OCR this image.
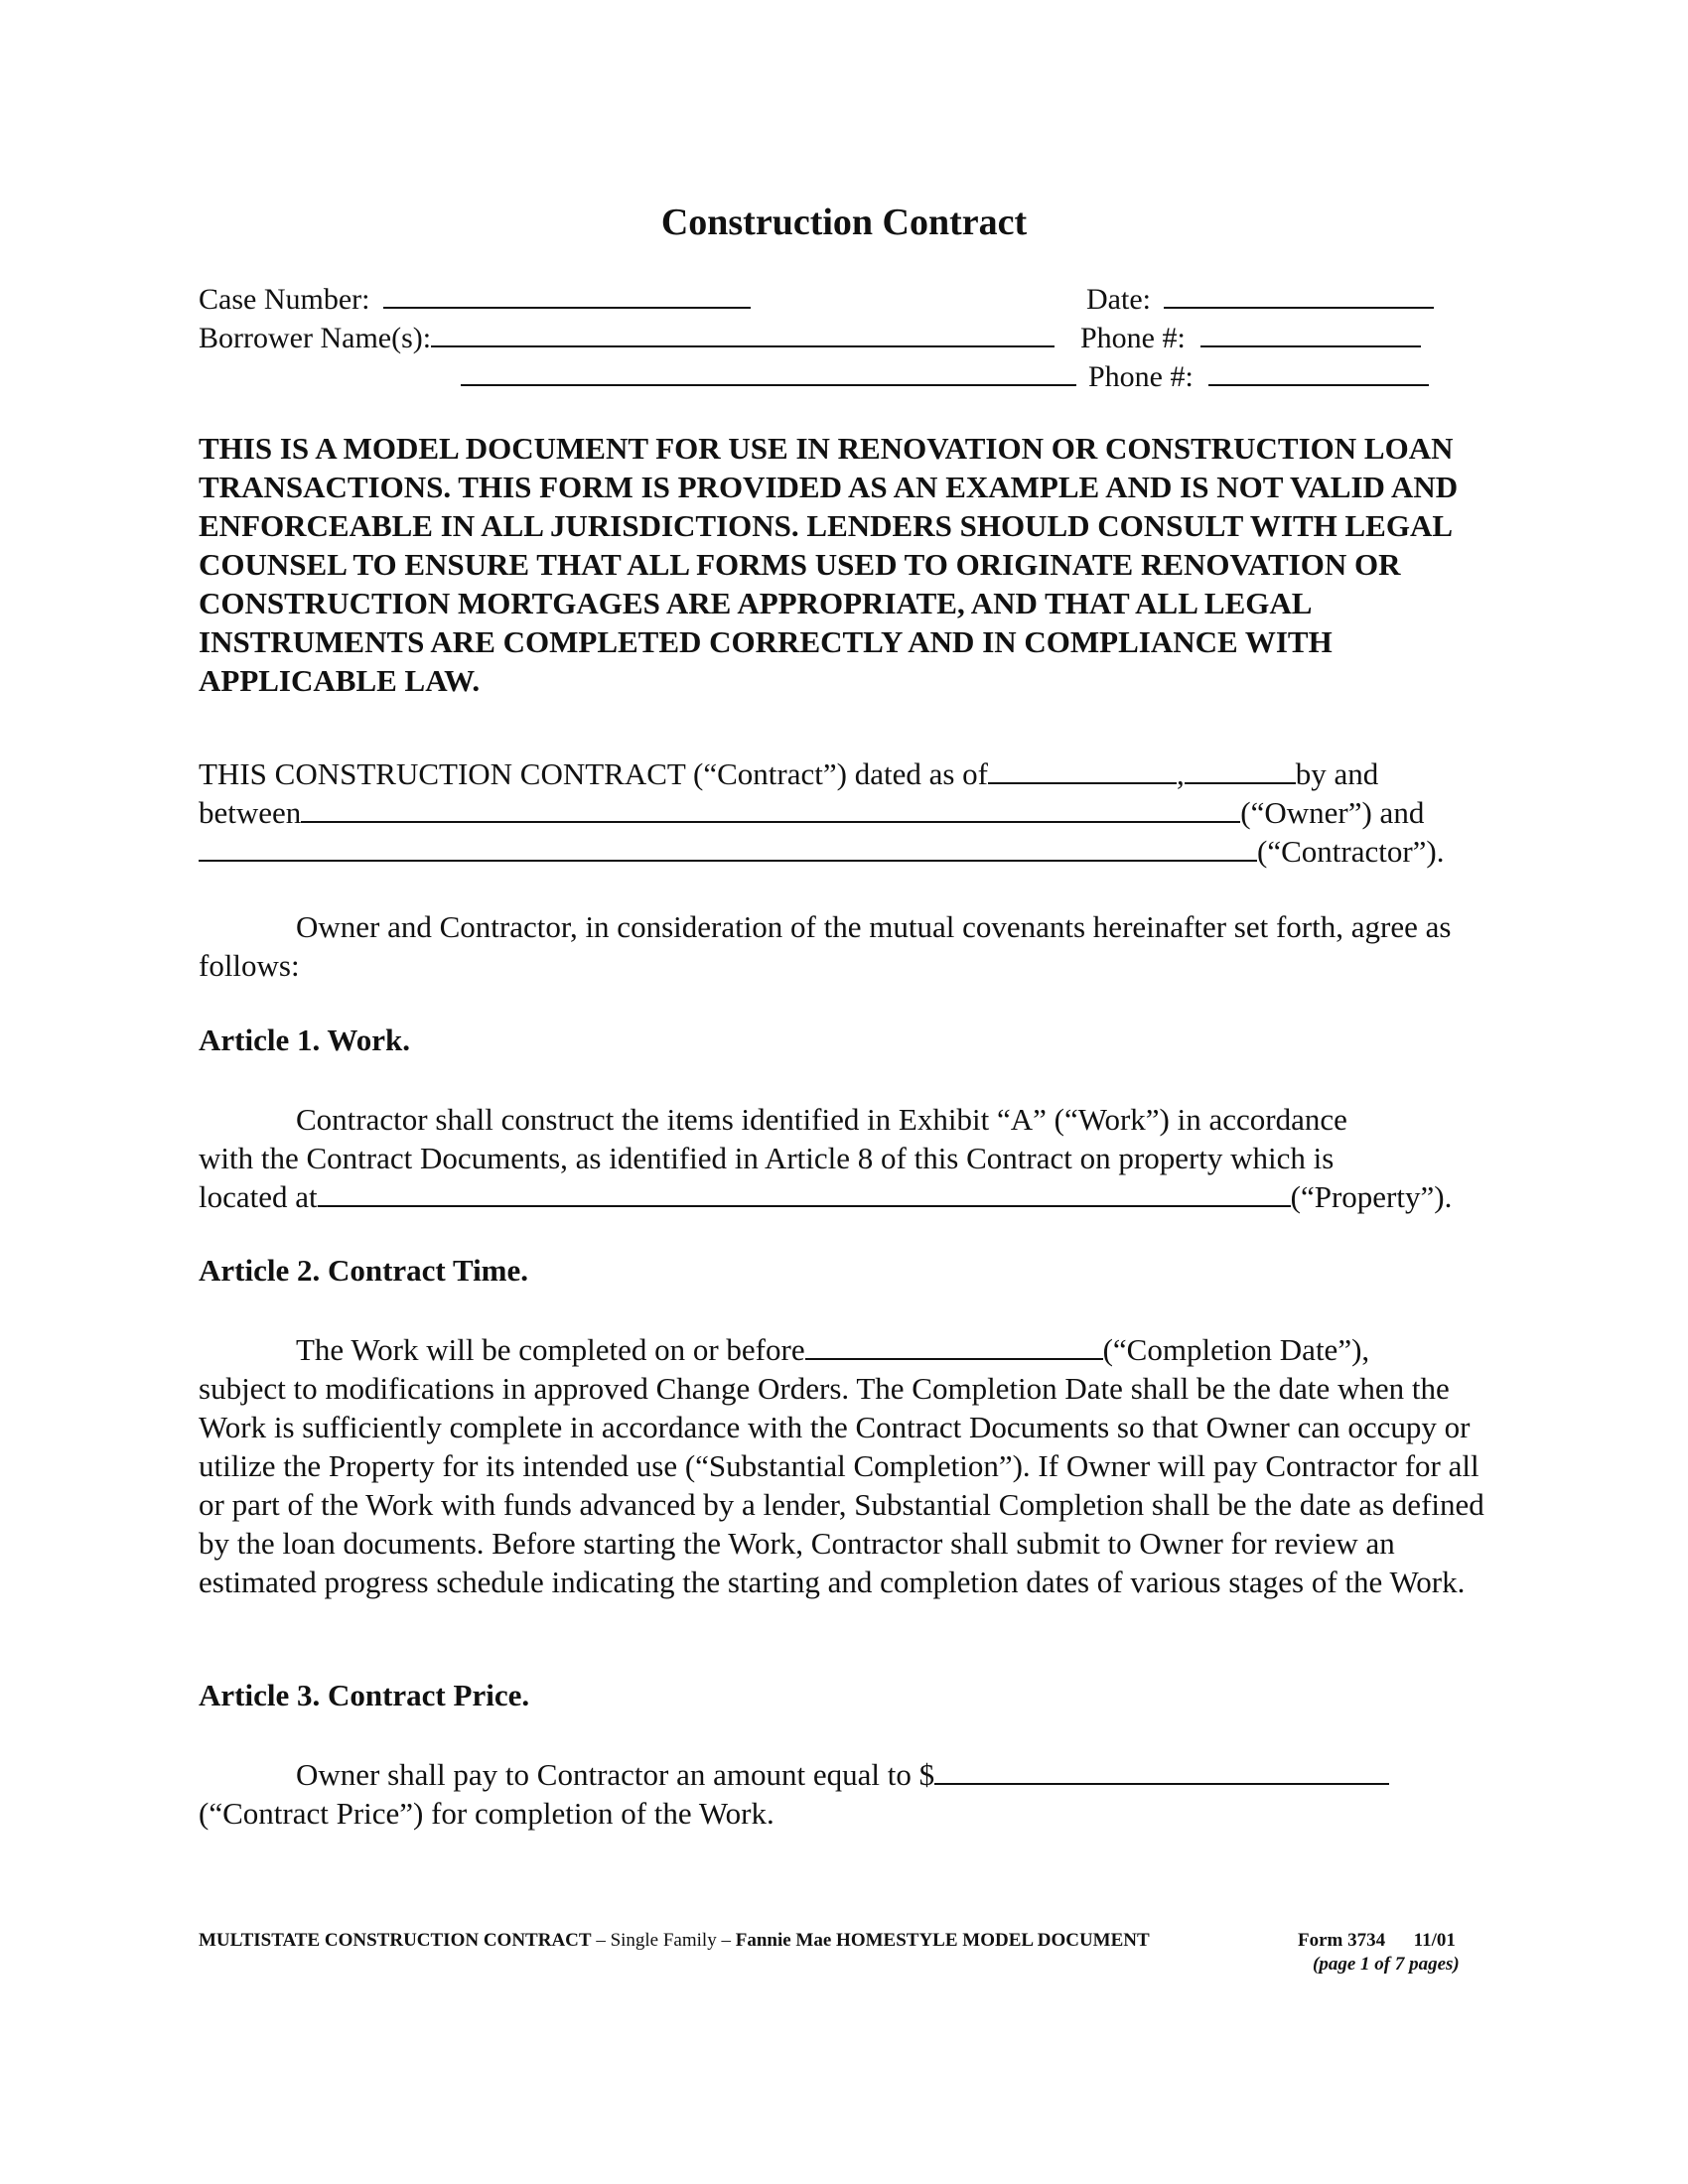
Construction Contract
Case Number:	Date:
Borrower Name(s):	Phone #:
Phone #:

THIS IS A MODEL DOCUMENT FOR USE IN RENOVATION OR CONSTRUCTION LOAN TRANSACTIONS. THIS FORM IS PROVIDED AS AN EXAMPLE AND IS NOT VALID AND ENFORCEABLE IN ALL JURISDICTIONS. LENDERS SHOULD CONSULT WITH LEGAL COUNSEL TO ENSURE THAT ALL FORMS USED TO ORIGINATE RENOVATION OR CONSTRUCTION MORTGAGES ARE APPROPRIATE, AND THAT ALL LEGAL INSTRUMENTS ARE COMPLETED CORRECTLY AND IN COMPLIANCE WITH APPLICABLE LAW.

THIS CONSTRUCTION CONTRACT (“Contract”) dated as of	,	by and
between	(“Owner”) and
(“Contractor”).

Owner and Contractor, in consideration of the mutual covenants hereinafter set forth, agree as follows:

Article 1. Work.
Contractor shall construct the items identified in Exhibit “A” (“Work”) in accordance
with the Contract Documents, as identified in Article 8 of this Contract on property which is
located at	(“Property”).
Article 2. Contract Time.
The Work will be completed on or before	(“Completion Date”),

subject to modifications in approved Change Orders. The Completion Date shall be the date when the Work is sufficiently complete in accordance with the Contract Documents so that Owner can occupy or utilize the Property for its intended use (“Substantial Completion”). If Owner will pay Contractor for all or part of the Work with funds advanced by a lender, Substantial Completion shall be the date as defined by the loan documents. Before starting the Work, Contractor shall submit to Owner for review an estimated progress schedule indicating the starting and completion dates of various stages of the Work.

Article 3. Contract Price.
Owner shall pay to Contractor an amount equal to $
(“Contract Price”) for completion of the Work.
MULTISTATE CONSTRUCTION CONTRACT – Single Family – Fannie Mae HOMESTYLE MODEL DOCUMENT	Form 3734      11/01
(page 1 of 7 pages)
